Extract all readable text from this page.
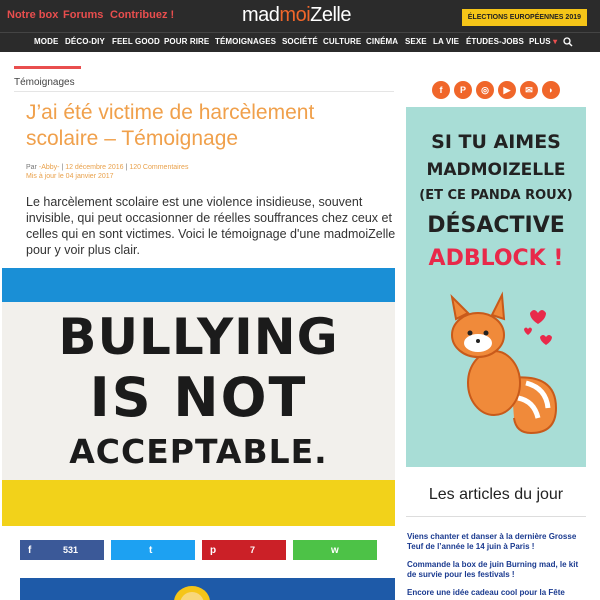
Notre box Forums Contribuez !	madmoiZelle	ÉLECTIONS EUROPÉENNES 2019
MODE DÉCO-DIY FEEL GOOD POUR RIRE TÉMOIGNAGES SOCIÉTÉ CULTURE CINÉMA SEXE LA VIE ÉTUDES-JOBS PLUS ▾
Témoignages
J’ai été victime de harcèlement scolaire – Témoignage
Par -Abby- | 12 décembre 2016 | 120 Commentaires
Mis à jour le 04 janvier 2017

Le harcèlement scolaire est une violence insidieuse, souvent invisible, qui peut occasionner de réelles souffrances chez ceux et celles qui en sont victimes. Voici le témoignage d'une madmoiZelle pour y voir plus clair.

BULLYING
IS NOT
ACCEPTABLE.
f	531	t	p	7	w
f	P	◎	▶	✉	◗
SI TU AIMES
MADMOIZELLE
(ET CE PANDA ROUX)
DÉSACTIVE
ADBLOCK !
Les articles du jour
Viens chanter et danser à la dernière Grosse Teuf de l’année le 14 juin à Paris !
Commande la box de juin Burning mad, le kit de survie pour les festivals !
Encore une idée cadeau cool pour la Fête
